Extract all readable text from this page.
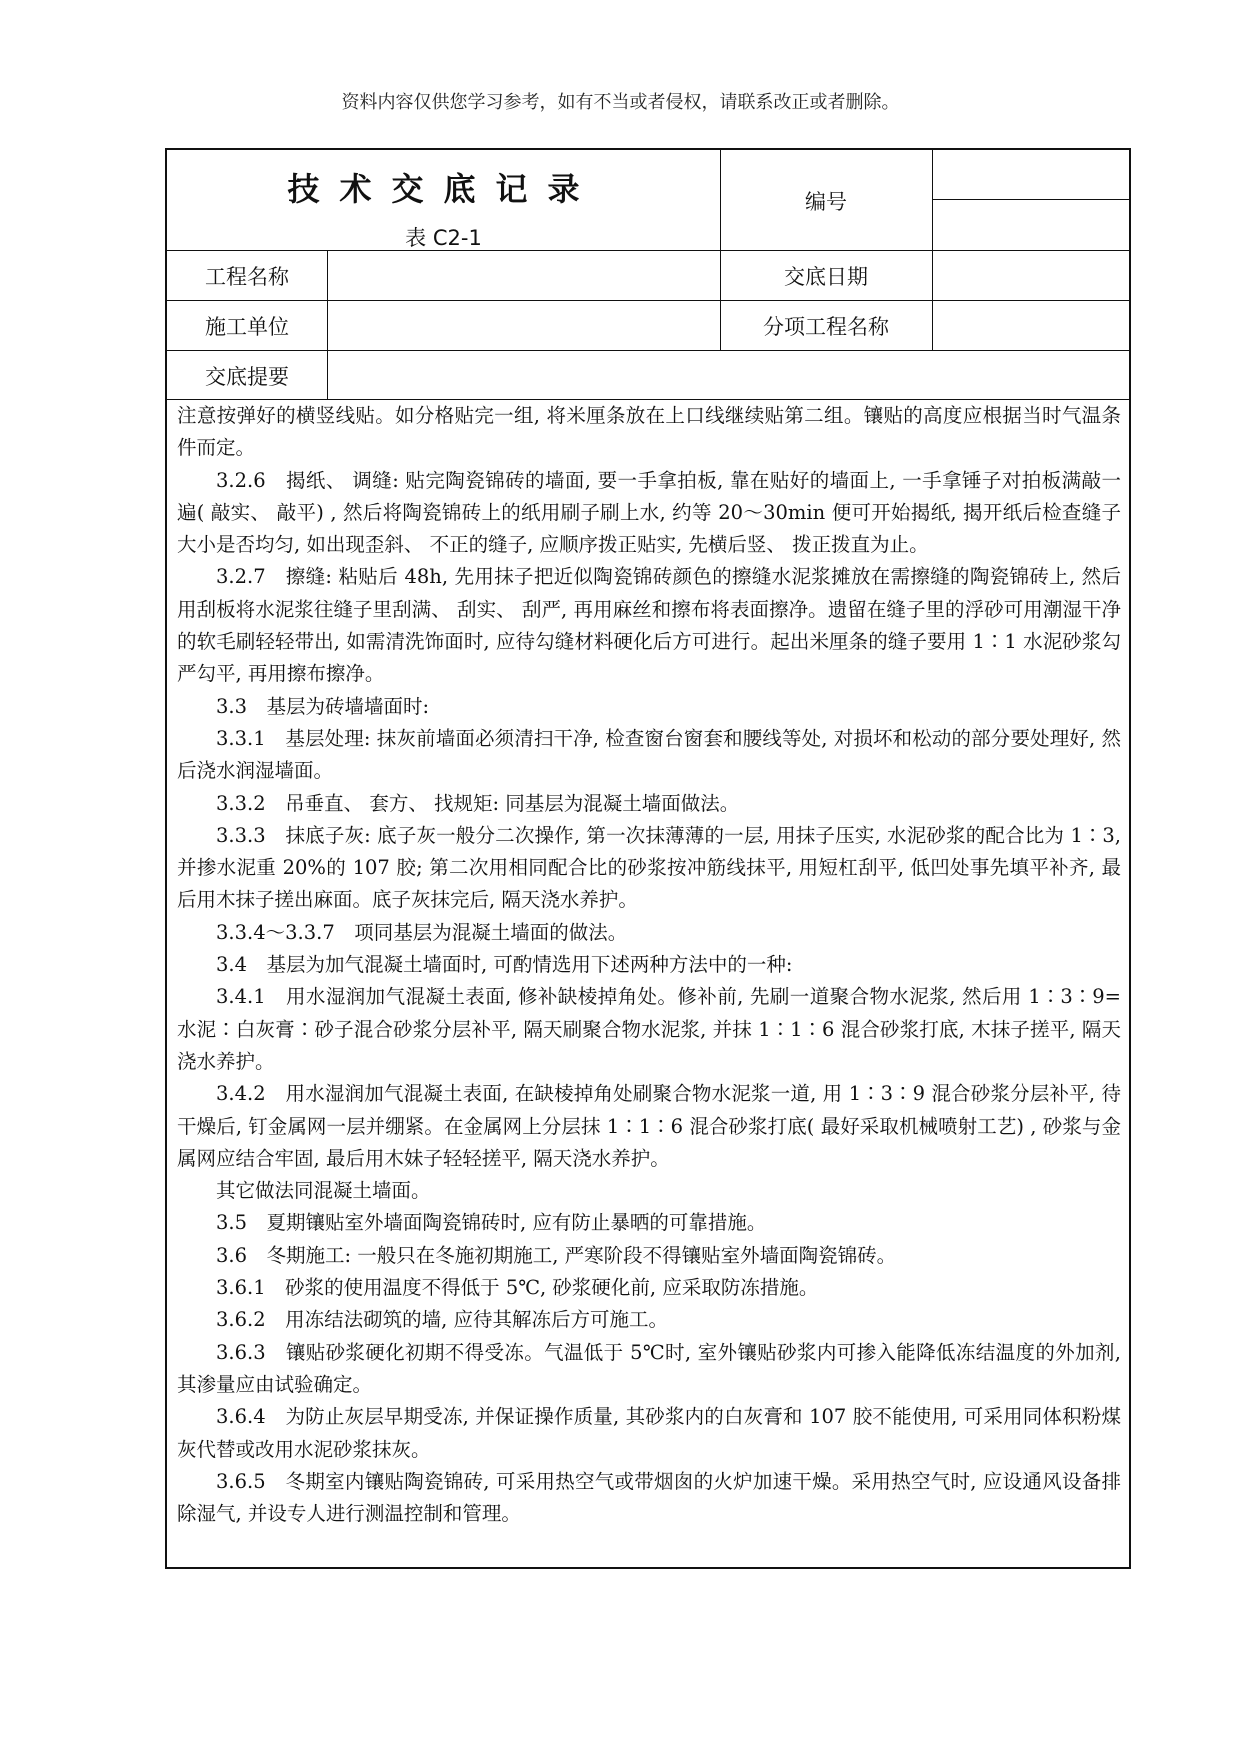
资料内容仅供您学习参考，如有不当或者侵权，请联系改正或者删除。
技术交底记录
表 C2-1
编号
工程名称	交底日期
施工单位	分项工程名称
交底提要

注意按弹好的横竖线贴。如分格贴完一组, 将米厘条放在上口线继续贴第二组。镶贴的高度应根据当时气温条件而定。

3.2.6　揭纸、 调缝: 贴完陶瓷锦砖的墙面, 要一手拿拍板, 靠在贴好的墙面上, 一手拿锤子对拍板满敲一遍( 敲实、 敲平) , 然后将陶瓷锦砖上的纸用刷子刷上水, 约等 20～30min 便可开始揭纸, 揭开纸后检查缝子大小是否均匀, 如出现歪斜、 不正的缝子, 应顺序拨正贴实, 先横后竖、 拨正拨直为止。

3.2.7　擦缝: 粘贴后 48h, 先用抹子把近似陶瓷锦砖颜色的擦缝水泥浆摊放在需擦缝的陶瓷锦砖上, 然后用刮板将水泥浆往缝子里刮满、 刮实、 刮严, 再用麻丝和擦布将表面擦净。遗留在缝子里的浮砂可用潮湿干净的软毛刷轻轻带出, 如需清洗饰面时, 应待勾缝材料硬化后方可进行。起出米厘条的缝子要用 1∶1 水泥砂浆勾严勾平, 再用擦布擦净。

3.3　基层为砖墙墙面时:

3.3.1　基层处理: 抹灰前墙面必须清扫干净, 检查窗台窗套和腰线等处, 对损坏和松动的部分要处理好, 然后浇水润湿墙面。

3.3.2　吊垂直、 套方、 找规矩: 同基层为混凝土墙面做法。

3.3.3　抹底子灰: 底子灰一般分二次操作, 第一次抹薄薄的一层, 用抹子压实, 水泥砂浆的配合比为 1∶3, 并掺水泥重 20%的 107 胶; 第二次用相同配合比的砂浆按冲筋线抹平, 用短杠刮平, 低凹处事先填平补齐, 最后用木抹子搓出麻面。底子灰抹完后, 隔天浇水养护。

3.3.4～3.3.7　项同基层为混凝土墙面的做法。

3.4　基层为加气混凝土墙面时, 可酌情选用下述两种方法中的一种:

3.4.1　用水湿润加气混凝土表面, 修补缺棱掉角处。修补前, 先刷一道聚合物水泥浆, 然后用 1∶3∶9=水泥∶白灰膏∶砂子混合砂浆分层补平, 隔天刷聚合物水泥浆, 并抹 1∶1∶6 混合砂浆打底, 木抹子搓平, 隔天浇水养护。

3.4.2　用水湿润加气混凝土表面, 在缺棱掉角处刷聚合物水泥浆一道, 用 1∶3∶9 混合砂浆分层补平, 待干燥后, 钉金属网一层并绷紧。在金属网上分层抹 1∶1∶6 混合砂浆打底( 最好采取机械喷射工艺) , 砂浆与金属网应结合牢固, 最后用木妹子轻轻搓平, 隔天浇水养护。

其它做法同混凝土墙面。

3.5　夏期镶贴室外墙面陶瓷锦砖时, 应有防止暴晒的可靠措施。

3.6　冬期施工: 一般只在冬施初期施工, 严寒阶段不得镶贴室外墙面陶瓷锦砖。

3.6.1　砂浆的使用温度不得低于 5℃, 砂浆硬化前, 应采取防冻措施。

3.6.2　用冻结法砌筑的墙, 应待其解冻后方可施工。

3.6.3　镶贴砂浆硬化初期不得受冻。气温低于 5℃时, 室外镶贴砂浆内可掺入能降低冻结温度的外加剂, 其渗量应由试验确定。

3.6.4　为防止灰层早期受冻, 并保证操作质量, 其砂浆内的白灰膏和 107 胶不能使用, 可采用同体积粉煤灰代替或改用水泥砂浆抹灰。

3.6.5　冬期室内镶贴陶瓷锦砖, 可采用热空气或带烟囱的火炉加速干燥。采用热空气时, 应设通风设备排除湿气, 并设专人进行测温控制和管理。
